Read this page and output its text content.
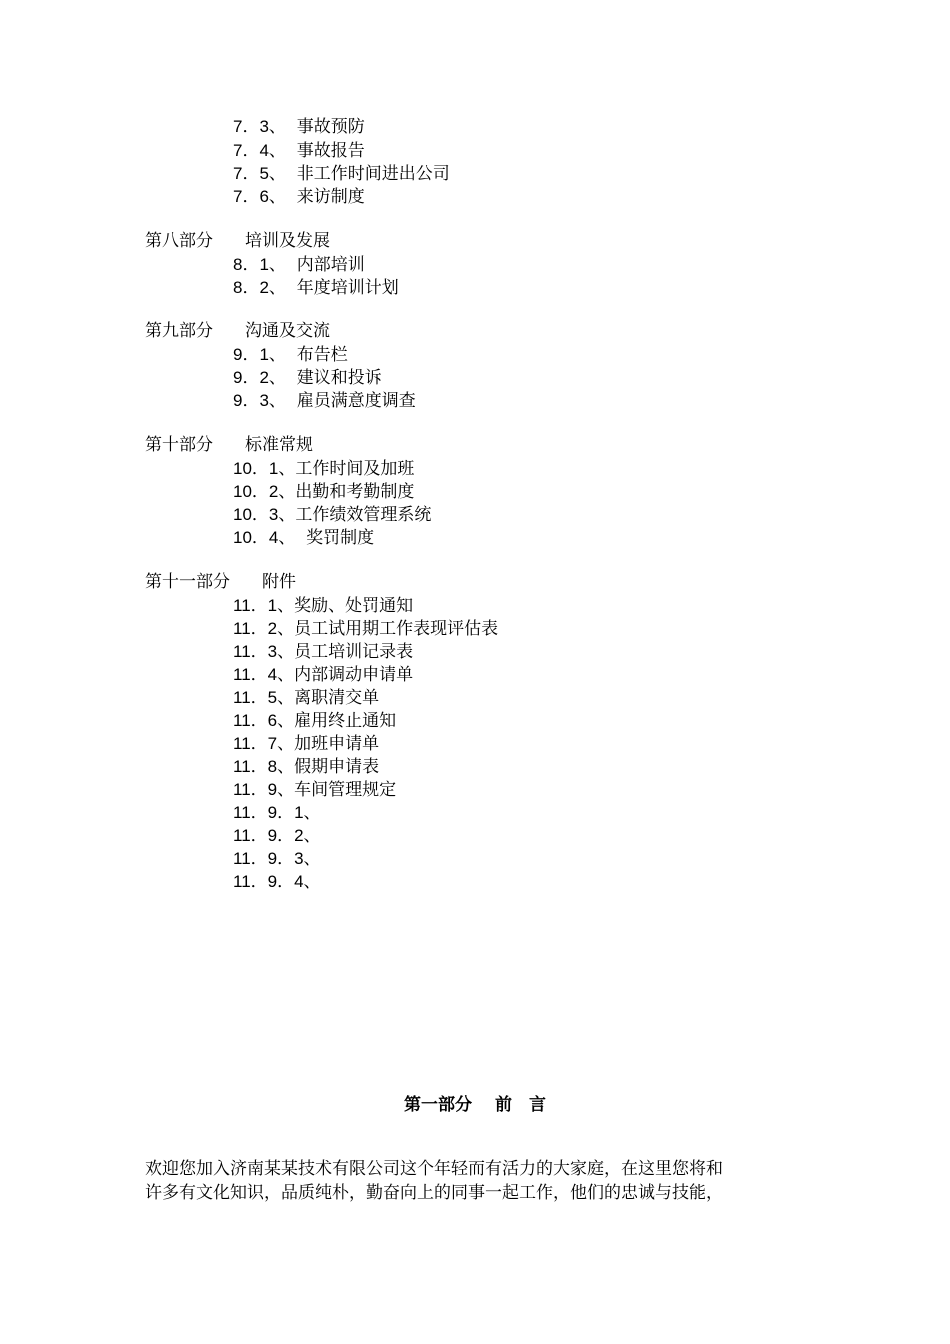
7．3、 事故预防
7．4、 事故报告
7．5、 非工作时间进出公司
7．6、 来访制度
第八部分 培训及发展
8．1、 内部培训
8．2、 年度培训计划
第九部分 沟通及交流
9．1、 布告栏
9．2、 建议和投诉
9．3、 雇员满意度调查
第十部分 标准常规
10．1、工作时间及加班
10．2、出勤和考勤制度
10．3、工作绩效管理系统
10．4、  奖罚制度
第十一部分 附件
11．1、奖励、处罚通知
11．2、员工试用期工作表现评估表
11．3、员工培训记录表
11．4、内部调动申请单
11．5、离职清交单
11．6、雇用终止通知
11．7、加班申请单
11．8、假期申请表
11．9、车间管理规定
11．9．1、
11．9．2、
11．9．3、
11．9．4、
第一部分　 前　言
欢迎您加入济南某某技术有限公司这个年轻而有活力的大家庭，在这里您将和
许多有文化知识，品质纯朴，勤奋向上的同事一起工作，他们的忠诚与技能，
